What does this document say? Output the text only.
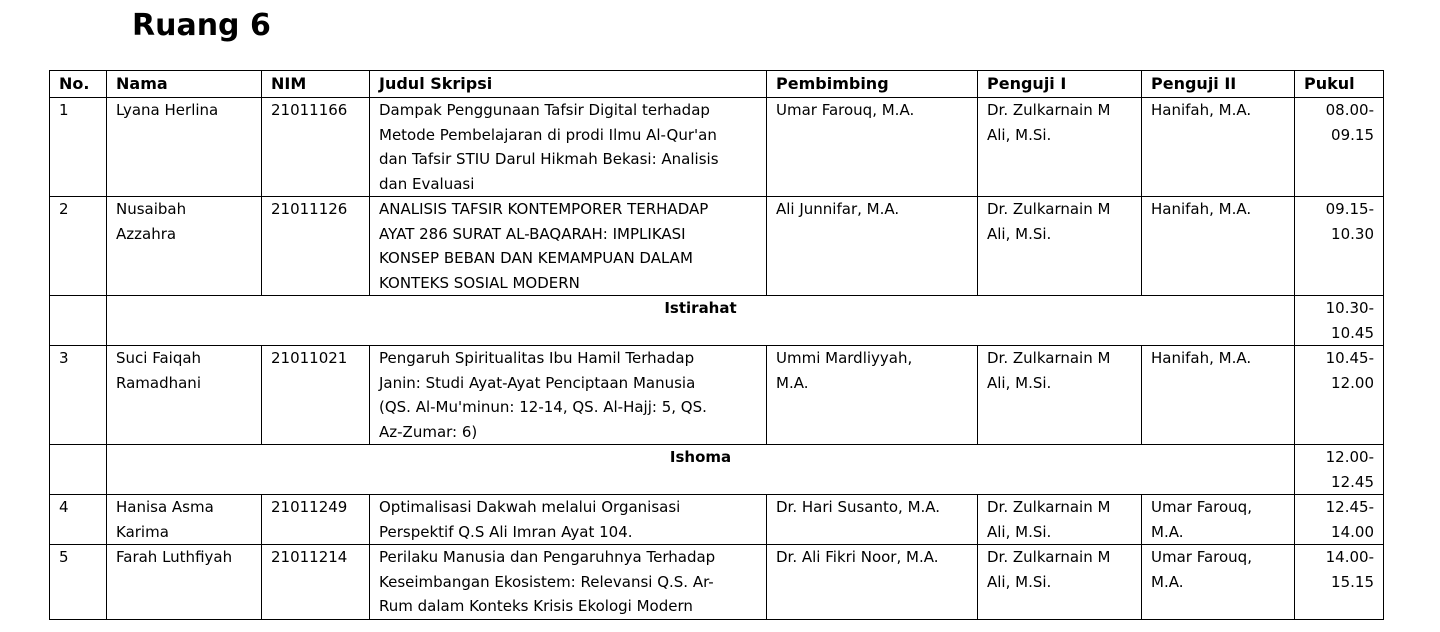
Ruang 6
No.	Nama	NIM	Judul Skripsi	Pembimbing	Penguji I	Penguji II	Pukul
1	Lyana Herlina	21011166	Dampak Penggunaan Tafsir Digital terhadap
Metode Pembelajaran di prodi Ilmu Al-Qur'an
dan Tafsir STIU Darul Hikmah Bekasi: Analisis
dan Evaluasi	Umar Farouq, M.A.	Dr. Zulkarnain M
Ali, M.Si.	Hanifah, M.A.	08.00-
09.15

2	Nusaibah
Azzahra	21011126	ANALISIS TAFSIR KONTEMPORER TERHADAP
AYAT 286 SURAT AL-BAQARAH: IMPLIKASI
KONSEP BEBAN DAN KEMAMPUAN DALAM
KONTEKS SOSIAL MODERN	Ali Junnifar, M.A.	Dr. Zulkarnain M
Ali, M.Si.	Hanifah, M.A.	09.15-
10.30

	Istirahat						10.30-
10.45

3	Suci Faiqah
Ramadhani	21011021	Pengaruh Spiritualitas Ibu Hamil Terhadap
Janin: Studi Ayat-Ayat Penciptaan Manusia
(QS. Al-Mu'minun: 12-14, QS. Al-Hajj: 5, QS.
Az-Zumar: 6)	Ummi Mardliyyah,
M.A.	Dr. Zulkarnain M
Ali, M.Si.	Hanifah, M.A.	10.45-
12.00

	Ishoma						12.00-
12.45

4	Hanisa Asma
Karima	21011249	Optimalisasi Dakwah melalui Organisasi
Perspektif Q.S Ali Imran Ayat 104.	Dr. Hari Susanto, M.A.	Dr. Zulkarnain M
Ali, M.Si.	Umar Farouq,
M.A.	12.45-
14.00

5	Farah Luthfiyah	21011214	Perilaku Manusia dan Pengaruhnya Terhadap
Keseimbangan Ekosistem: Relevansi Q.S. Ar-
Rum dalam Konteks Krisis Ekologi Modern	Dr. Ali Fikri Noor, M.A.	Dr. Zulkarnain M
Ali, M.Si.	Umar Farouq,
M.A.	14.00-
15.15
